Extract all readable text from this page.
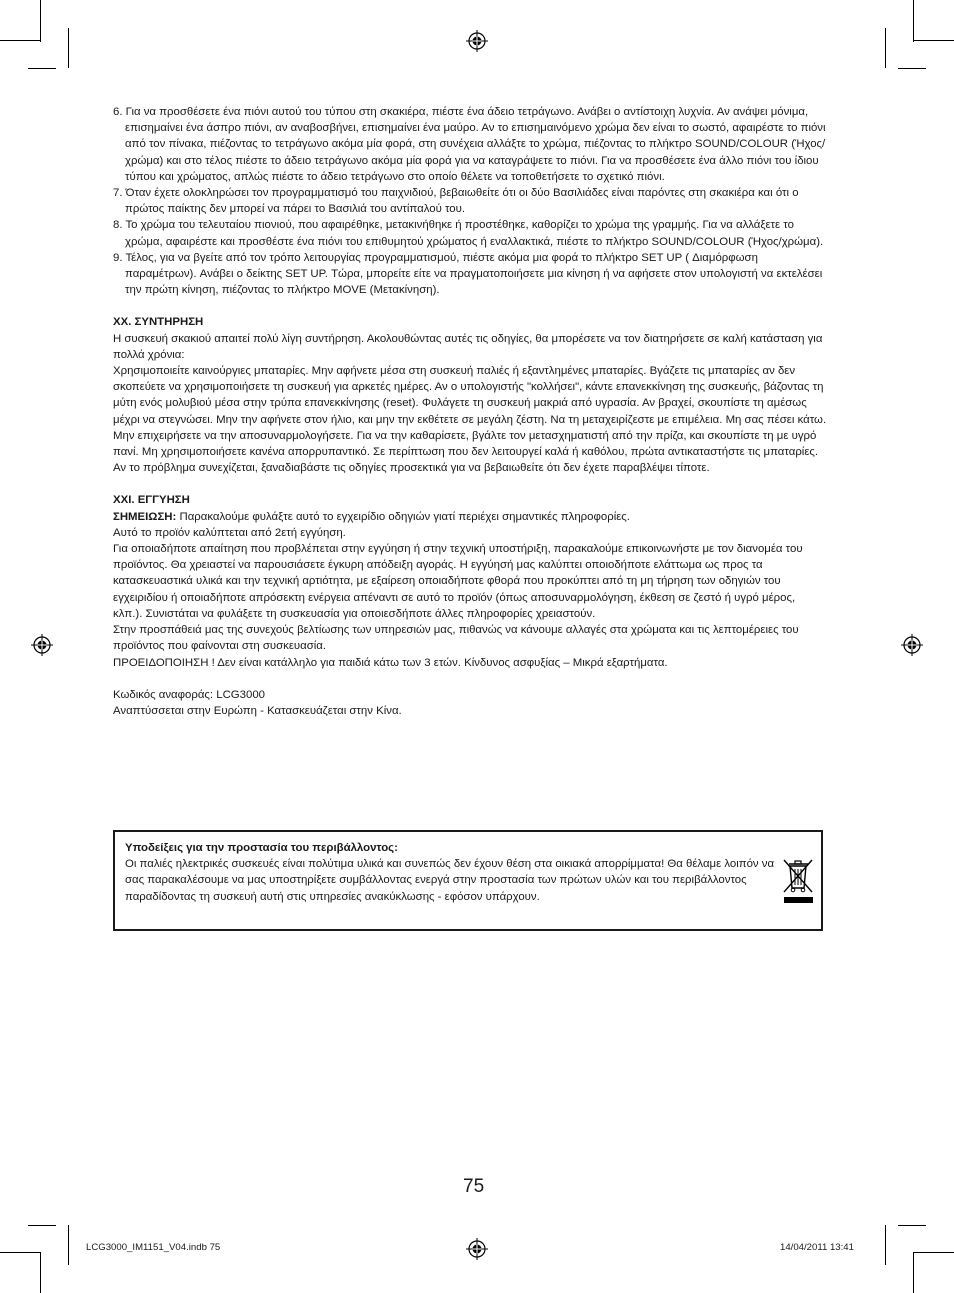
6. Για να προσθέσετε ένα πιόνι αυτού του τύπου στη σκακιέρα, πιέστε ένα άδειο τετράγωνο. Ανάβει ο αντίστοιχη λυχνία. Αν ανάψει μόνιμα, επισημαίνει ένα άσπρο πιόνι, αν αναβοσβήνει, επισημαίνει ένα μαύρο. Αν το επισημαινόμενο χρώμα δεν είναι το σωστό, αφαιρέστε το πιόνι από τον πίνακα, πιέζοντας το τετράγωνο ακόμα μία φορά, στη συνέχεια αλλάξτε το χρώμα, πιέζοντας το πλήκτρο SOUND/COLOUR (Ήχος/χρώμα) και στο τέλος πιέστε το άδειο τετράγωνο ακόμα μία φορά για να καταγράψετε το πιόνι. Για να προσθέσετε ένα άλλο πιόνι του ίδιου τύπου και χρώματος, απλώς πιέστε το άδειο τετράγωνο στο οποίο θέλετε να τοποθετήσετε το σχετικό πιόνι.

7. Όταν έχετε ολοκληρώσει τον προγραμματισμό του παιχνιδιού, βεβαιωθείτε ότι οι δύο Βασιλιάδες είναι παρόντες στη σκακιέρα και ότι ο πρώτος παίκτης δεν μπορεί να πάρει το Βασιλιά του αντίπαλού του.

8. Το χρώμα του τελευταίου πιονιού, που αφαιρέθηκε, μετακινήθηκε ή προστέθηκε, καθορίζει το χρώμα της γραμμής. Για να αλλάξετε το χρώμα, αφαιρέστε και προσθέστε ένα πιόνι του επιθυμητού χρώματος ή εναλλακτικά, πιέστε το πλήκτρο SOUND/COLOUR (Ήχος/χρώμα).

9. Τέλος, για να βγείτε από τον τρόπο λειτουργίας προγραμματισμού, πιέστε ακόμα μια φορά το πλήκτρο SET UP ( Διαμόρφωση παραμέτρων). Ανάβει ο δείκτης SET UP. Τώρα, μπορείτε είτε να πραγματοποιήσετε μια κίνηση ή να αφήσετε στον υπολογιστή να εκτελέσει την πρώτη κίνηση, πιέζοντας το πλήκτρο MOVE (Μετακίνηση).

XX. ΣΥΝΤΗΡΗΣΗ

Η συσκευή σκακιού απαιτεί πολύ λίγη συντήρηση. Ακολουθώντας αυτές τις οδηγίες, θα μπορέσετε να τον διατηρήσετε σε καλή κατάσταση για πολλά χρόνια:

Χρησιμοποιείτε καινούργιες μπαταρίες. Μην αφήνετε μέσα στη συσκευή παλιές ή εξαντλημένες μπαταρίες. Βγάζετε τις μπαταρίες αν δεν σκοπεύετε να χρησιμοποιήσετε τη συσκευή για αρκετές ημέρες. Αν ο υπολογιστής "κολλήσει", κάντε επανεκκίνηση της συσκευής, βάζοντας τη μύτη ενός μολυβιού μέσα στην τρύπα επανεκκίνησης (reset). Φυλάγετε τη συσκευή μακριά από υγρασία. Αν βραχεί, σκουπίστε τη αμέσως μέχρι να στεγνώσει. Μην την αφήνετε στον ήλιο, και μην την εκθέτετε σε μεγάλη ζέστη. Να τη μεταχειρίζεστε με επιμέλεια. Μη σας πέσει κάτω. Μην επιχειρήσετε να την αποσυναρμολογήσετε. Για να την καθαρίσετε, βγάλτε τον μετασχηματιστή από την πρίζα, και σκουπίστε τη με υγρό πανί. Μη χρησιμοποιήσετε κανένα απορρυπαντικό. Σε περίπτωση που δεν λειτουργεί καλά ή καθόλου, πρώτα αντικαταστήστε τις μπαταρίες. Αν το πρόβλημα συνεχίζεται, ξαναδιαβάστε τις οδηγίες προσεκτικά για να βεβαιωθείτε ότι δεν έχετε παραβλέψει τίποτε.

XXI. ΕΓΓΥΗΣΗ

ΣΗΜΕΙΩΣΗ: Παρακαλούμε φυλάξτε αυτό το εγχειρίδιο οδηγιών γιατί περιέχει σημαντικές πληροφορίες.

Αυτό το προϊόν καλύπτεται από 2ετή εγγύηση.

Για οποιαδήποτε απαίτηση που προβλέπεται στην εγγύηση ή στην τεχνική υποστήριξη, παρακαλούμε επικοινωνήστε με τον διανομέα του προϊόντος. Θα χρειαστεί να παρουσιάσετε έγκυρη απόδειξη αγοράς. Η εγγύησή μας καλύπτει οποιοδήποτε ελάττωμα ως προς τα κατασκευαστικά υλικά και την τεχνική αρτιότητα, με εξαίρεση οποιαδήποτε φθορά που προκύπτει από τη μη τήρηση των οδηγιών του εγχειριδίου ή οποιαδήποτε απρόσεκτη ενέργεια απέναντι σε αυτό το προϊόν (όπως αποσυναρμολόγηση, έκθεση σε ζεστό ή υγρό μέρος, κλπ.). Συνιστάται να φυλάξετε τη συσκευασία για οποιεσδήποτε άλλες πληροφορίες χρειαστούν.

Στην προσπάθειά μας της συνεχούς βελτίωσης των υπηρεσιών μας, πιθανώς να κάνουμε αλλαγές στα χρώματα και τις λεπτομέρειες του προϊόντος που φαίνονται στη συσκευασία.

ΠΡΟΕΙΔΟΠΟΙΗΣΗ ! Δεν είναι κατάλληλο για παιδιά κάτω των 3 ετών. Κίνδυνος ασφυξίας – Μικρά εξαρτήματα.

Κωδικός αναφοράς: LCG3000

Αναπτύσσεται στην Ευρώπη - Κατασκευάζεται στην Κίνα.

Υποδείξεις για την προστασία του περιβάλλοντος:

Οι παλιές ηλεκτρικές συσκευές είναι πολύτιμα υλικά και συνεπώς δεν έχουν θέση στα οικιακά απορρίμματα! Θα θέλαμε λοιπόν να σας παρακαλέσουμε να μας υποστηρίξετε συμβάλλοντας ενεργά στην προστασία των πρώτων υλών και του περιβάλλοντος παραδίδοντας τη συσκευή αυτή στις υπηρεσίες ανακύκλωσης - εφόσον υπάρχουν.

75
LCG3000_IM1151_V04.indb 75	14/04/2011 13:41
